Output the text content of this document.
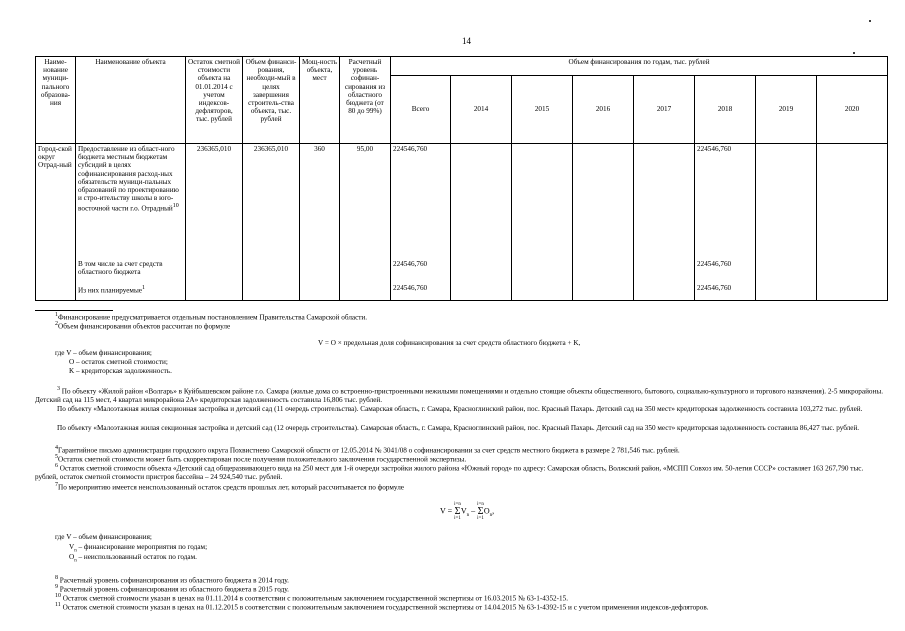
14
Наиме-нование муници-пального образова-ния	Наименование объекта	Остаток сметной стоимости объекта на 01.01.2014 с учетом индексов-дефляторов, тыс. рублей	Объем финанси-рования, необходи-мый в целях завершения строитель-ства объекта, тыс. рублей	Мощ-ность объекта, мест	Расчетный уровень софинан-сирования из областного бюджета (от 80 до 99%)	Объем финансирования по годам, тыс. рублей							
						Всего	2014	2015	2016	2017	2018	2019	2020
Город-ской округ Отрад-ный	Предоставление из област-ного бюджета местным бюджетам субсидий в целях софинансирования расход-ных обязательств муници-пальных образований по проектированию и стро-ительству школы в юго-восточной части г.о. Отрадный$^{10}$	236365,010	236365,010	360	95,00	224546,760					224546,760		
	В том числе за счет средств областного бюджета					224546,760					224546,760		
	Из них планируемые$^1$					224546,760					224546,760		
$^1$Финансирование предусматривается отдельным постановлением Правительства Самарской области.
$^2$Объем финансирования объектов рассчитан по формуле
V = O × предельная доля софинансирования за счет средств областного бюджета + K,
где V – объем финансирования;
O – остаток сметной стоимости;
K – кредиторская задолженность.
$^3$ По объекту «Жилой район «Волгарь» в Куйбышевском районе г.о. Самара (жилые дома со встроенно-пристроенными нежилыми помещениями и отдельно стоящие объекты общественного, бытового, социально-культурного и торгового назначения). 2-5 микрорайоны. Детский сад на 115 мест, 4 квартал микрорайона 2А» кредиторская задолженность составила 16,806 тыс. рублей.
По объекту «Малоэтажная жилая секционная застройка и детский сад (11 очередь строительства). Самарская область, г. Самара, Красноглинский район, пос. Красный Пахарь. Детский сад на 350 мест» кредиторская задолженность составила 103,272 тыс. рублей.
По объекту «Малоэтажная жилая секционная застройка и детский сад (12 очередь строительства). Самарская область, г. Самара, Красноглинский район, пос. Красный Пахарь. Детский сад на 350 мест» кредиторская задолженность составила 86,427 тыс. рублей.
$^4$Гарантийное письмо администрации городского округа Похвистнево Самарской области от 12.05.2014 № 3041/08 о софинансировании за счет средств местного бюджета в размере 2 781,546 тыс. рублей.
$^5$Остаток сметной стоимости может быть скорректирован после получения положительного заключения государственной экспертизы.
$^6$ Остаток сметной стоимости объекта «Детский сад общеразвивающего вида на 250 мест для 1-й очереди застройки жилого района «Южный город» по адресу: Самарская область, Волжский район, «МСПП Совхоз им. 50-летия СССР» составляет 163 267,790 тыс. рублей, остаток сметной стоимости пристроя бассейна – 24 924,540 тыс. рублей.
$^7$По мероприятию имеется неиспользованный остаток средств прошлых лет, который рассчитывается по формуле
V = i=n
Σ
$i=1V_n - i=n$
Σ
$i=1O_n$,
где V – объем финансирования;
$V_n$ – финансирование мероприятия по годам;
$O_n$ – неиспользованный остаток по годам.
$^8$ Расчетный уровень софинансирования из областного бюджета в 2014 году.
$^9$ Расчетный уровень софинансирования из областного бюджета в 2015 году.
$^{10}$ Остаток сметной стоимости указан в ценах на 01.11.2014 в соответствии с положительным заключением государственной экспертизы от 16.03.2015 № 63-1-4352-15.
$^{11}$ Остаток сметной стоимости указан в ценах на 01.12.2015 в соответствии с положительным заключением государственной экспертизы от 14.04.2015 № 63-1-4392-15 и с учетом применения индексов-дефляторов.
